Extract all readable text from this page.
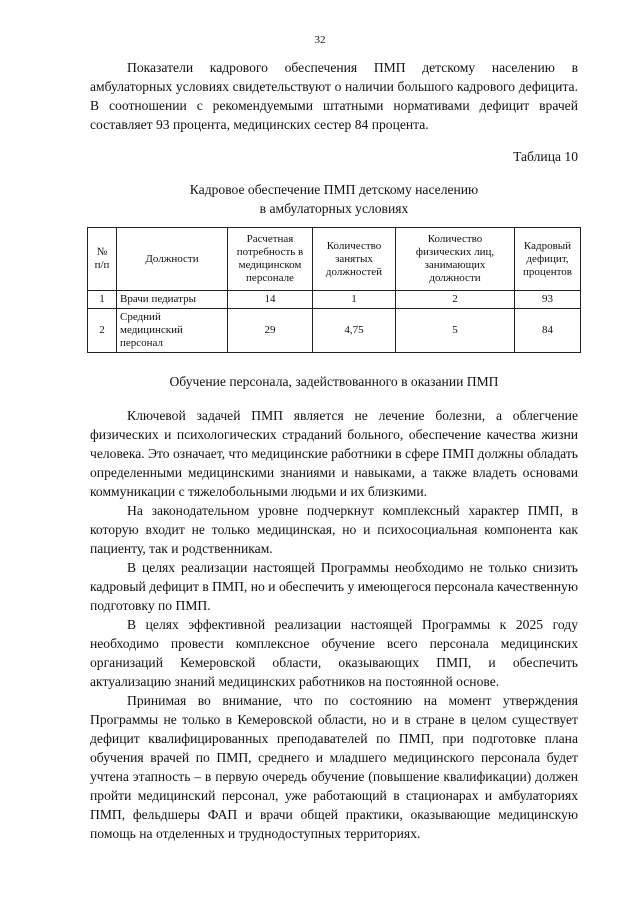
32

Показатели кадрового обеспечения ПМП детскому населению в амбулаторных условиях свидетельствуют о наличии большого кадрового дефицита. В соотношении с рекомендуемыми штатными нормативами дефицит врачей составляет 93 процента, медицинских сестер 84 процента.

Таблица 10
Кадровое обеспечение ПМП детскому населению
в амбулаторных условиях
№ п/п	Должности	Расчетная потребность в медицинском персонале	Количество занятых должностей	Количество физических лиц, занимающих должности	Кадровый дефицит, процентов
1	Врачи педиатры	14	1	2	93
2	Средний медицинский персонал	29	4,75	5	84
Обучение персонала, задействованного в оказании ПМП

Ключевой задачей ПМП является не лечение болезни, а облегчение физических и психологических страданий больного, обеспечение качества жизни человека. Это означает, что медицинские работники в сфере ПМП должны обладать определенными медицинскими знаниями и навыками, а также владеть основами коммуникации с тяжелобольными людьми и их близкими.

На законодательном уровне подчеркнут комплексный характер ПМП, в которую входит не только медицинская, но и психосоциальная компонента как пациенту, так и родственникам.

В целях реализации настоящей Программы необходимо не только снизить кадровый дефицит в ПМП, но и обеспечить у имеющегося персонала качественную подготовку по ПМП.

В целях эффективной реализации настоящей Программы к 2025 году необходимо провести комплексное обучение всего персонала медицинских организаций Кемеровской области, оказывающих ПМП, и обеспечить актуализацию знаний медицинских работников на постоянной основе.

Принимая во внимание, что по состоянию на момент утверждения Программы не только в Кемеровской области, но и в стране в целом существует дефицит квалифицированных преподавателей по ПМП, при подготовке плана обучения врачей по ПМП, среднего и младшего медицинского персонала будет учтена этапность – в первую очередь обучение (повышение квалификации) должен пройти медицинский персонал, уже работающий в стационарах и амбулаториях ПМП, фельдшеры ФАП и врачи общей практики, оказывающие медицинскую помощь на отделенных и труднодоступных территориях.
